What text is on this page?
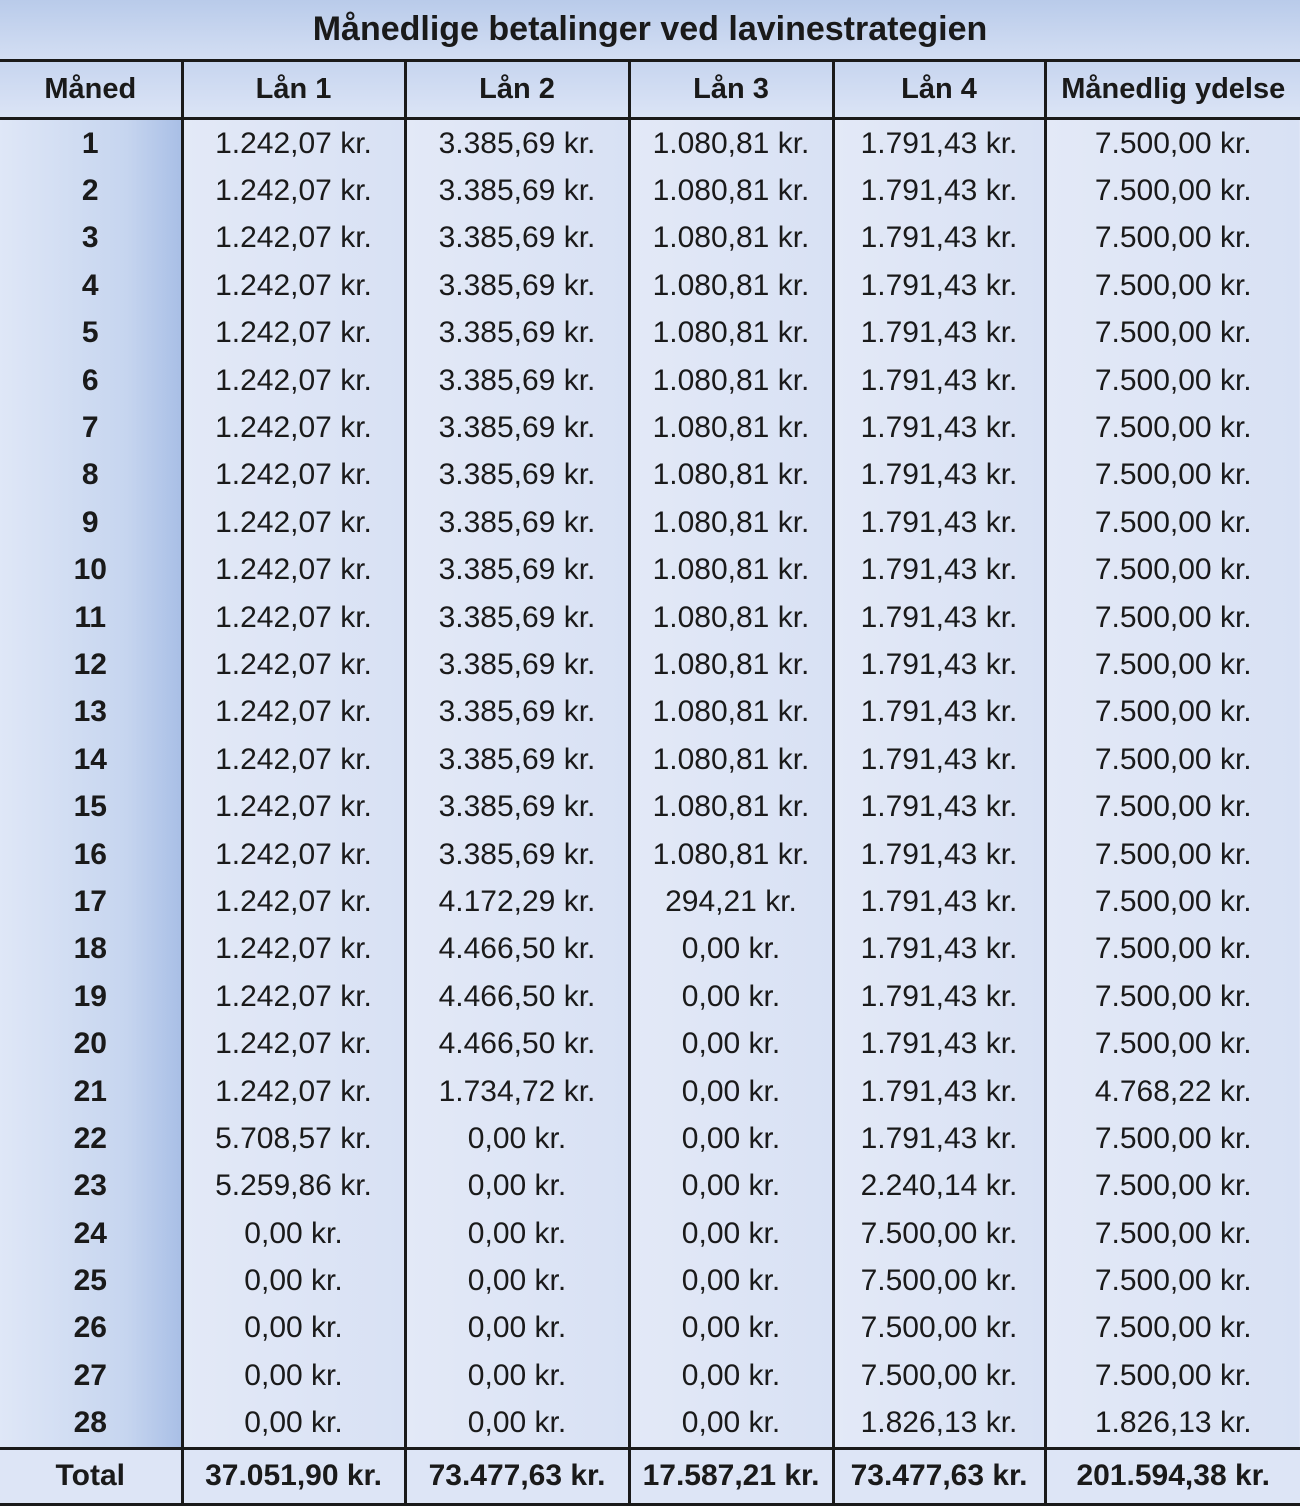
Månedlige betalinger ved lavinestrategien
Måned	Lån 1	Lån 2	Lån 3	Lån 4	Månedlig ydelse
1	1.242,07 kr.	3.385,69 kr.	1.080,81 kr.	1.791,43 kr.	7.500,00 kr.
2	1.242,07 kr.	3.385,69 kr.	1.080,81 kr.	1.791,43 kr.	7.500,00 kr.
3	1.242,07 kr.	3.385,69 kr.	1.080,81 kr.	1.791,43 kr.	7.500,00 kr.
4	1.242,07 kr.	3.385,69 kr.	1.080,81 kr.	1.791,43 kr.	7.500,00 kr.
5	1.242,07 kr.	3.385,69 kr.	1.080,81 kr.	1.791,43 kr.	7.500,00 kr.
6	1.242,07 kr.	3.385,69 kr.	1.080,81 kr.	1.791,43 kr.	7.500,00 kr.
7	1.242,07 kr.	3.385,69 kr.	1.080,81 kr.	1.791,43 kr.	7.500,00 kr.
8	1.242,07 kr.	3.385,69 kr.	1.080,81 kr.	1.791,43 kr.	7.500,00 kr.
9	1.242,07 kr.	3.385,69 kr.	1.080,81 kr.	1.791,43 kr.	7.500,00 kr.
10	1.242,07 kr.	3.385,69 kr.	1.080,81 kr.	1.791,43 kr.	7.500,00 kr.
11	1.242,07 kr.	3.385,69 kr.	1.080,81 kr.	1.791,43 kr.	7.500,00 kr.
12	1.242,07 kr.	3.385,69 kr.	1.080,81 kr.	1.791,43 kr.	7.500,00 kr.
13	1.242,07 kr.	3.385,69 kr.	1.080,81 kr.	1.791,43 kr.	7.500,00 kr.
14	1.242,07 kr.	3.385,69 kr.	1.080,81 kr.	1.791,43 kr.	7.500,00 kr.
15	1.242,07 kr.	3.385,69 kr.	1.080,81 kr.	1.791,43 kr.	7.500,00 kr.
16	1.242,07 kr.	3.385,69 kr.	1.080,81 kr.	1.791,43 kr.	7.500,00 kr.
17	1.242,07 kr.	4.172,29 kr.	294,21 kr.	1.791,43 kr.	7.500,00 kr.
18	1.242,07 kr.	4.466,50 kr.	0,00 kr.	1.791,43 kr.	7.500,00 kr.
19	1.242,07 kr.	4.466,50 kr.	0,00 kr.	1.791,43 kr.	7.500,00 kr.
20	1.242,07 kr.	4.466,50 kr.	0,00 kr.	1.791,43 kr.	7.500,00 kr.
21	1.242,07 kr.	1.734,72 kr.	0,00 kr.	1.791,43 kr.	4.768,22 kr.
22	5.708,57 kr.	0,00 kr.	0,00 kr.	1.791,43 kr.	7.500,00 kr.
23	5.259,86 kr.	0,00 kr.	0,00 kr.	2.240,14 kr.	7.500,00 kr.
24	0,00 kr.	0,00 kr.	0,00 kr.	7.500,00 kr.	7.500,00 kr.
25	0,00 kr.	0,00 kr.	0,00 kr.	7.500,00 kr.	7.500,00 kr.
26	0,00 kr.	0,00 kr.	0,00 kr.	7.500,00 kr.	7.500,00 kr.
27	0,00 kr.	0,00 kr.	0,00 kr.	7.500,00 kr.	7.500,00 kr.
28	0,00 kr.	0,00 kr.	0,00 kr.	1.826,13 kr.	1.826,13 kr.
Total	37.051,90 kr.	73.477,63 kr.	17.587,21 kr.	73.477,63 kr.	201.594,38 kr.
